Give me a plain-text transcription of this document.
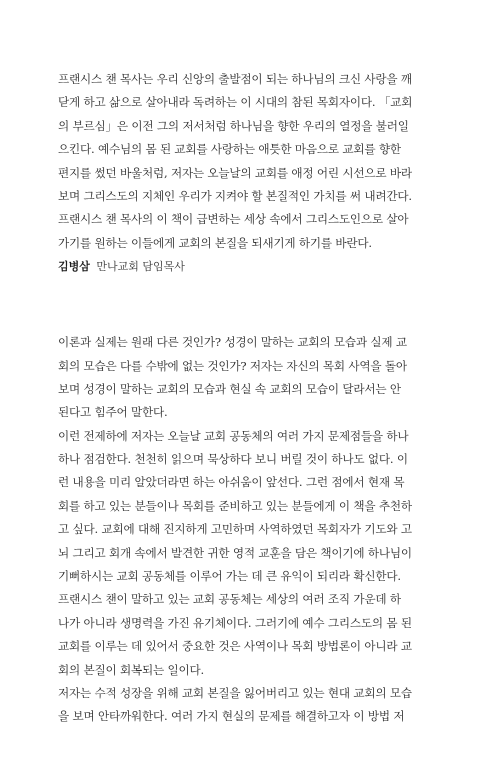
프랜시스 챈 목사는 우리 신앙의 출발점이 되는 하나님의 크신 사랑을 깨
닫게 하고 삶으로 살아내라 독려하는 이 시대의 참된 목회자이다. 「교회
의 부르심」은 이전 그의 저서처럼 하나님을 향한 우리의 열정을 불러일
으킨다. 예수님의 몸 된 교회를 사랑하는 애틋한 마음으로 교회를 향한
편지를 썼던 바울처럼, 저자는 오늘날의 교회를 애정 어린 시선으로 바라
보며 그리스도의 지체인 우리가 지켜야 할 본질적인 가치를 써 내려간다.
프랜시스 챈 목사의 이 책이 급변하는 세상 속에서 그리스도인으로 살아
가기를 원하는 이들에게 교회의 본질을 되새기게 하기를 바란다.
김병삼 만나교회 담임목사
이론과 실제는 원래 다른 것인가? 성경이 말하는 교회의 모습과 실제 교
회의 모습은 다를 수밖에 없는 것인가? 저자는 자신의 목회 사역을 돌아
보며 성경이 말하는 교회의 모습과 현실 속 교회의 모습이 달라서는 안
된다고 힘주어 말한다.
이런 전제하에 저자는 오늘날 교회 공동체의 여러 가지 문제점들을 하나
하나 점검한다. 천천히 읽으며 묵상하다 보니 버릴 것이 하나도 없다. 이
런 내용을 미리 알았더라면 하는 아쉬움이 앞선다. 그런 점에서 현재 목
회를 하고 있는 분들이나 목회를 준비하고 있는 분들에게 이 책을 추천하
고 싶다. 교회에 대해 진지하게 고민하며 사역하였던 목회자가 기도와 고
뇌 그리고 회개 속에서 발견한 귀한 영적 교훈을 담은 책이기에 하나님이
기뻐하시는 교회 공동체를 이루어 가는 데 큰 유익이 되리라 확신한다.
프랜시스 챈이 말하고 있는 교회 공동체는 세상의 여러 조직 가운데 하
나가 아니라 생명력을 가진 유기체이다. 그러기에 예수 그리스도의 몸 된
교회를 이루는 데 있어서 중요한 것은 사역이나 목회 방법론이 아니라 교
회의 본질이 회복되는 일이다.
저자는 수적 성장을 위해 교회 본질을 잃어버리고 있는 현대 교회의 모습
을 보며 안타까워한다. 여러 가지 현실의 문제를 해결하고자 이 방법 저
